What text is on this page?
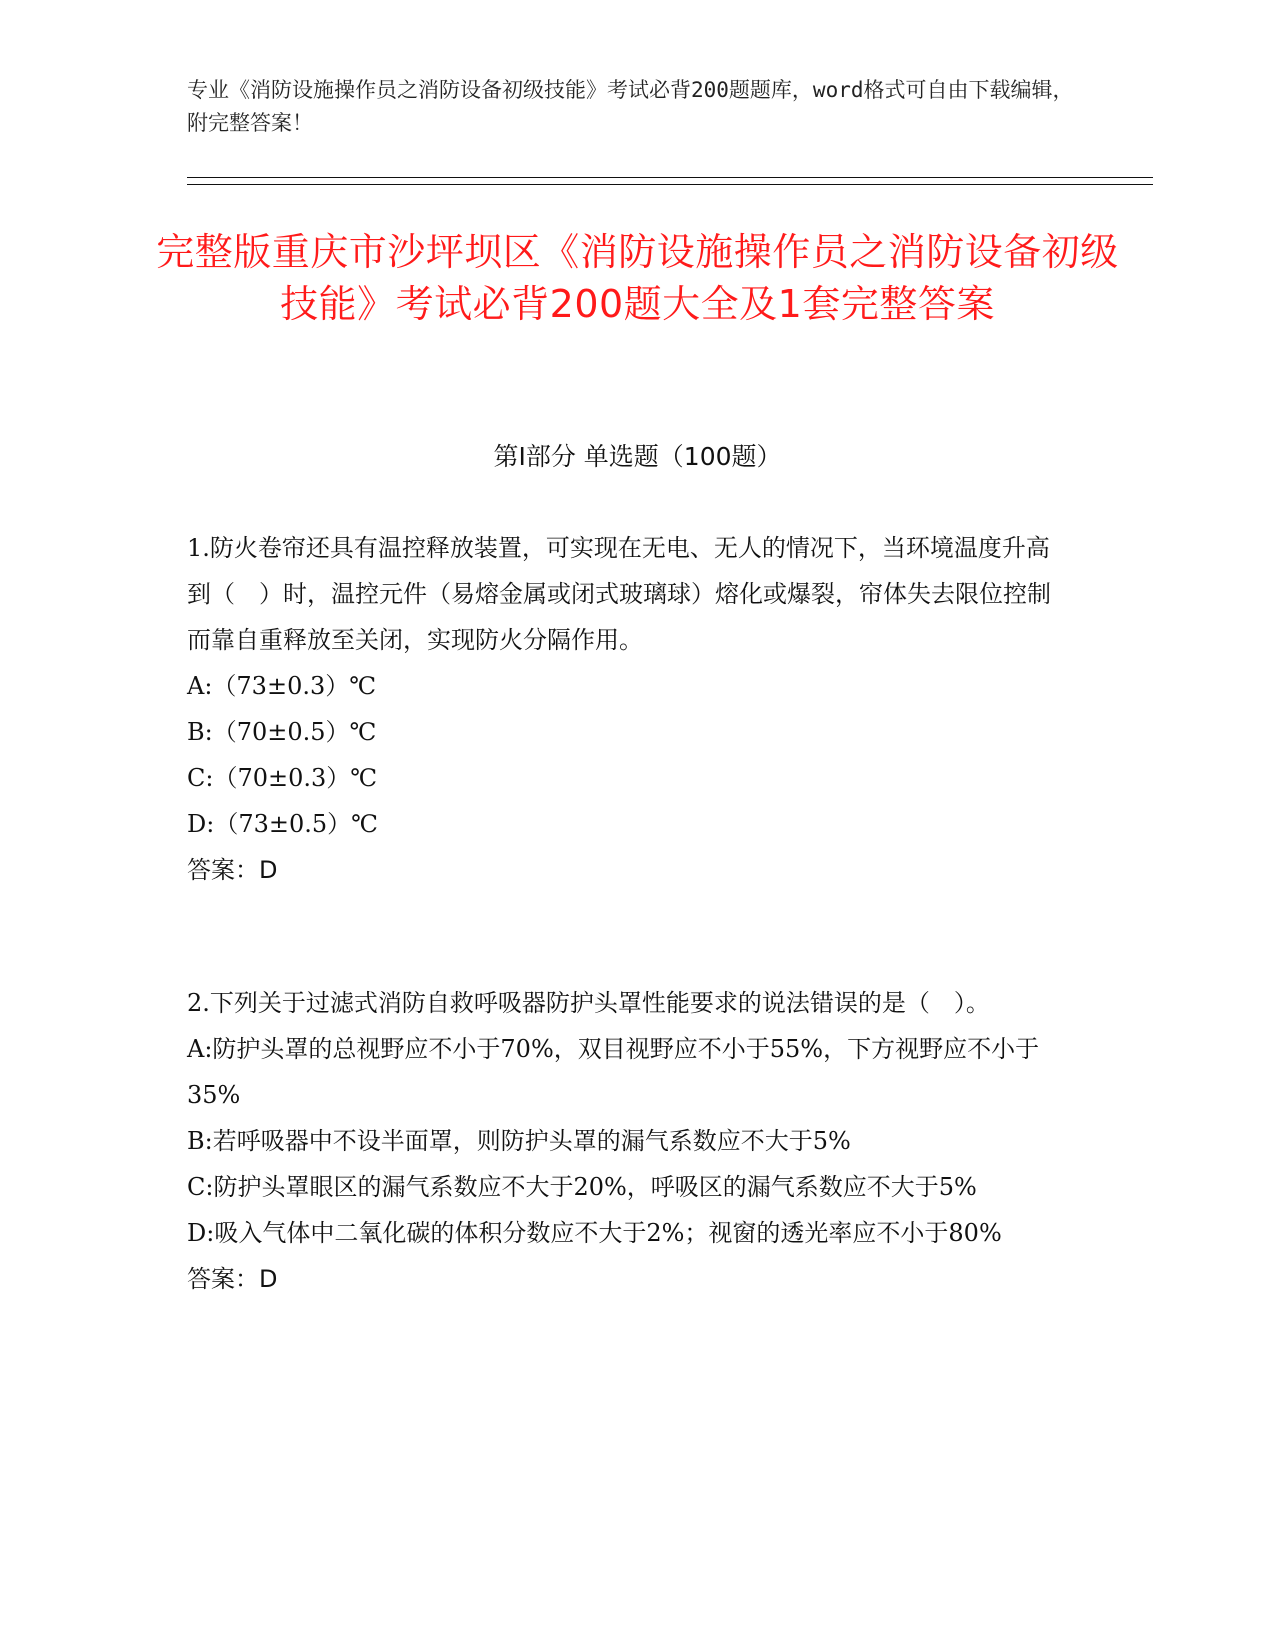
专业《消防设施操作员之消防设备初级技能》考试必背200题题库，word格式可自由下载编辑，附完整答案！
完整版重庆市沙坪坝区《消防设施操作员之消防设备初级技能》考试必背200题大全及1套完整答案
第I部分 单选题（100题）

1.防火卷帘还具有温控释放装置，可实现在无电、无人的情况下，当环境温度升高到（　）时，温控元件（易熔金属或闭式玻璃球）熔化或爆裂，帘体失去限位控制而靠自重释放至关闭，实现防火分隔作用。

A:（73±0.3）℃

B:（70±0.5）℃

C:（70±0.3）℃

D:（73±0.5）℃

答案：D

2.下列关于过滤式消防自救呼吸器防护头罩性能要求的说法错误的是（　）。

A:防护头罩的总视野应不小于70%，双目视野应不小于55%，下方视野应不小于35%

B:若呼吸器中不设半面罩，则防护头罩的漏气系数应不大于5%

C:防护头罩眼区的漏气系数应不大于20%，呼吸区的漏气系数应不大于5%

D:吸入气体中二氧化碳的体积分数应不大于2%；视窗的透光率应不小于80%

答案：D
